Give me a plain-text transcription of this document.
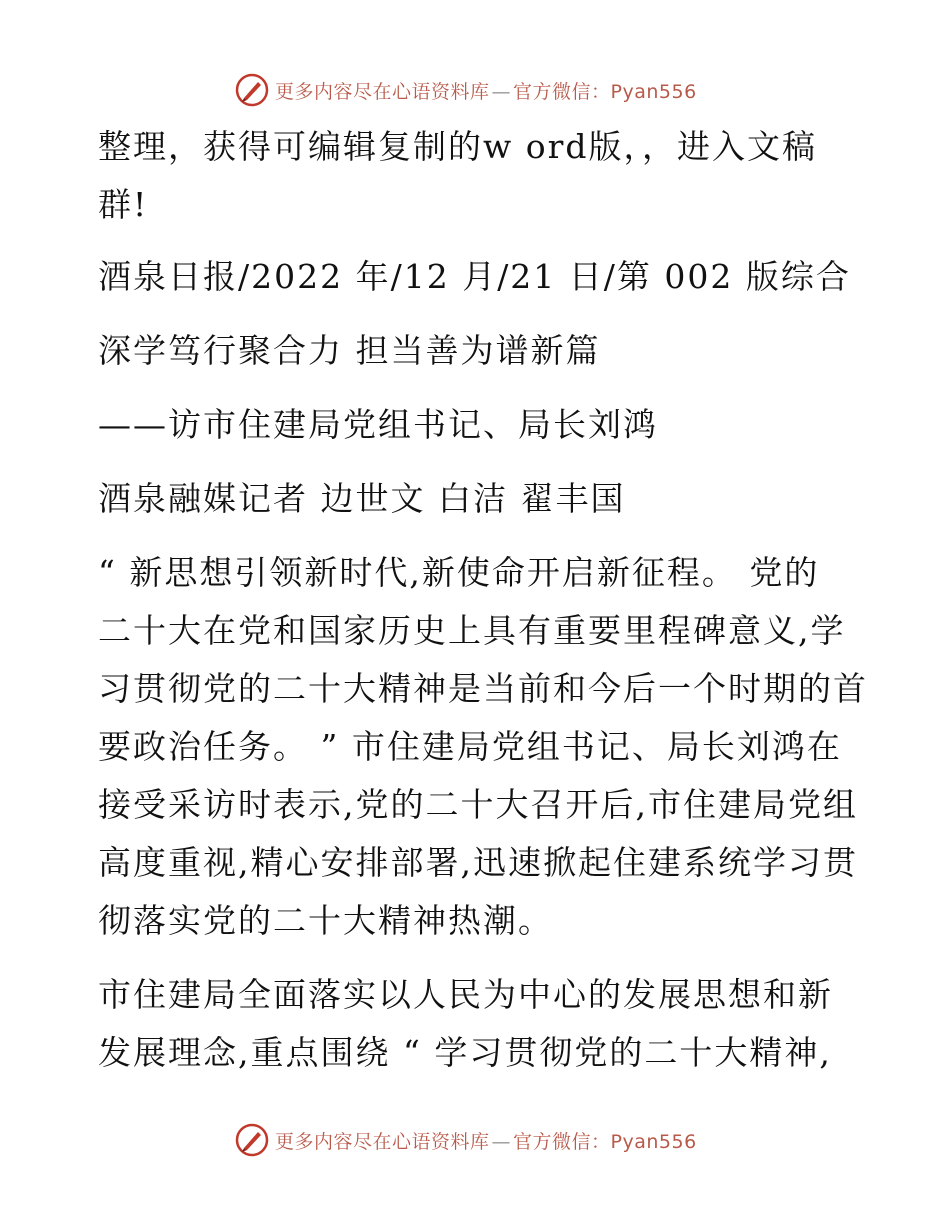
更多内容尽在心语资料库 — 官方微信：Pyan556
整理，获得可编辑复制的w ord版，，进入文稿
群!
酒泉日报/2022 年/12 月/21 日/第 002 版综合
深学笃行聚合力 担当善为谱新篇
——访市住建局党组书记、局长刘鸿
酒泉融媒记者 边世文 白洁 翟丰国
“ 新思想引领新时代,新使命开启新征程。 党的
二十大在党和国家历史上具有重要里程碑意义,学
习贯彻党的二十大精神是当前和今后一个时期的首
要政治任务。 ” 市住建局党组书记、局长刘鸿在
接受采访时表示,党的二十大召开后,市住建局党组
高度重视,精心安排部署,迅速掀起住建系统学习贯
彻落实党的二十大精神热潮。
市住建局全面落实以人民为中心的发展思想和新
发展理念,重点围绕 “ 学习贯彻党的二十大精神,
更多内容尽在心语资料库 — 官方微信：Pyan556
